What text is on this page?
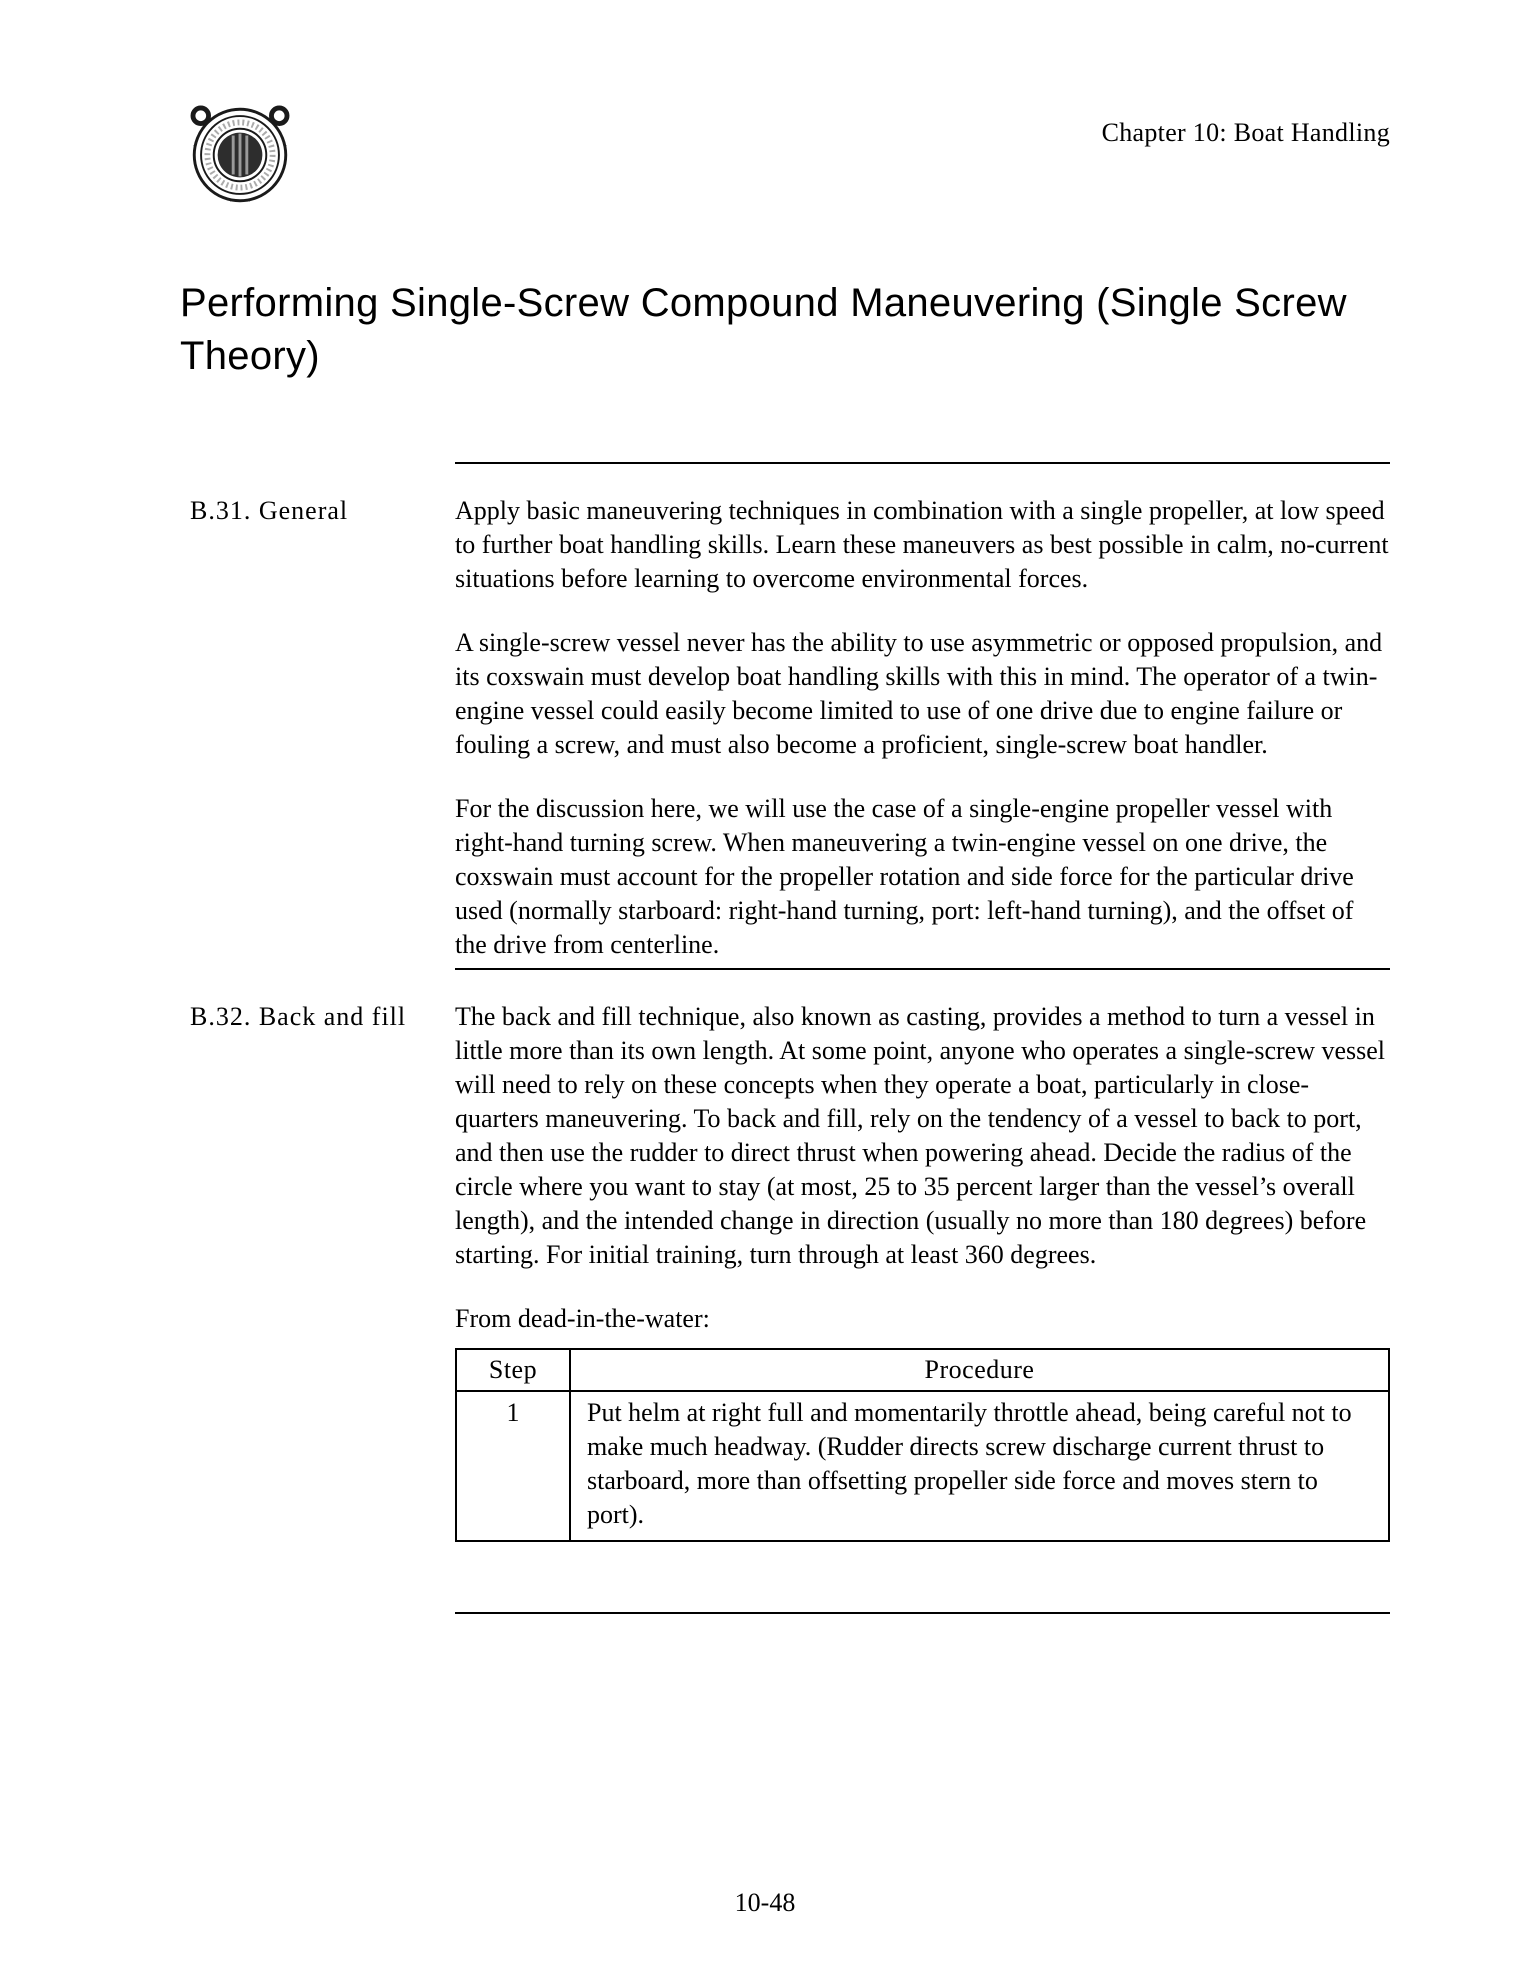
Chapter 10: Boat Handling
Performing Single-Screw Compound Maneuvering (Single Screw Theory)
B.31. General	Apply basic maneuvering techniques in combination with a single propeller, at low speed to further boat handling skills. Learn these maneuvers as best possible in calm, no-current situations before learning to overcome environmental forces.

A single-screw vessel never has the ability to use asymmetric or opposed propulsion, and its coxswain must develop boat handling skills with this in mind. The operator of a twin-engine vessel could easily become limited to use of one drive due to engine failure or fouling a screw, and must also become a proficient, single-screw boat handler.

For the discussion here, we will use the case of a single-engine propeller vessel with right-hand turning screw. When maneuvering a twin-engine vessel on one drive, the coxswain must account for the propeller rotation and side force for the particular drive used (normally starboard: right-hand turning, port: left-hand turning), and the offset of the drive from centerline.

B.32. Back and fill	The back and fill technique, also known as casting, provides a method to turn a vessel in little more than its own length. At some point, anyone who operates a single-screw vessel will need to rely on these concepts when they operate a boat, particularly in close-quarters maneuvering. To back and fill, rely on the tendency of a vessel to back to port, and then use the rudder to direct thrust when powering ahead. Decide the radius of the circle where you want to stay (at most, 25 to 35 percent larger than the vessel’s overall length), and the intended change in direction (usually no more than 180 degrees) before starting. For initial training, turn through at least 360 degrees.

From dead-in-the-water:

Step	Procedure
1	Put helm at right full and momentarily throttle ahead, being careful not to make much headway. (Rudder directs screw discharge current thrust to starboard, more than offsetting propeller side force and moves stern to port).
10-48
